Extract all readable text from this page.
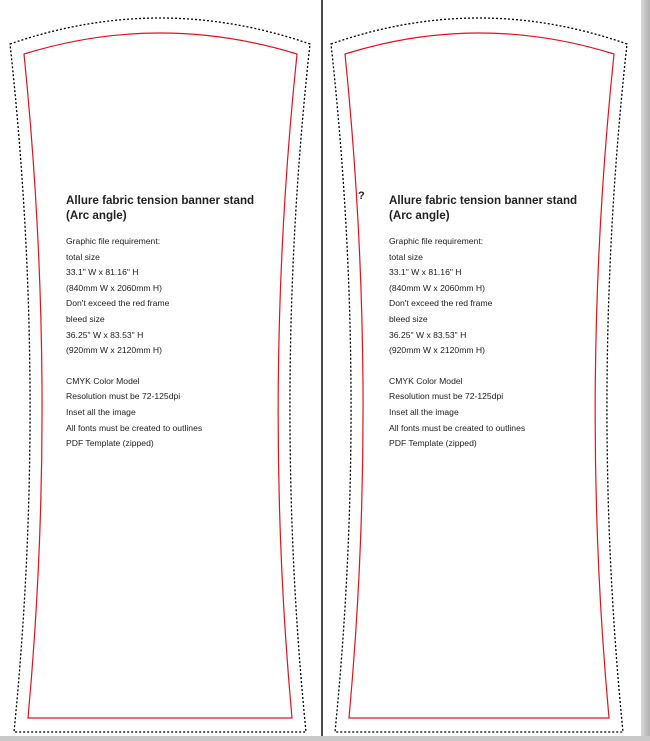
Allure fabric tension banner stand
(Arc angle)
Graphic file requirement:
total size
33.1" W x 81.16" H
(840mm W x 2060mm H)
Don't exceed the red frame
bleed size
36.25" W x 83.53" H
(920mm W x 2120mm H)
CMYK Color Model
Resolution must be 72-125dpi
Inset all the image
All fonts must be created to outlines
PDF Template (zipped)
? Allure fabric tension banner stand
(Arc angle)
Graphic file requirement:
total size
33.1" W x 81.16" H
(840mm W x 2060mm H)
Don't exceed the red frame
bleed size
36.25" W x 83.53" H
(920mm W x 2120mm H)
CMYK Color Model
Resolution must be 72-125dpi
Inset all the image
All fonts must be created to outlines
PDF Template (zipped)
